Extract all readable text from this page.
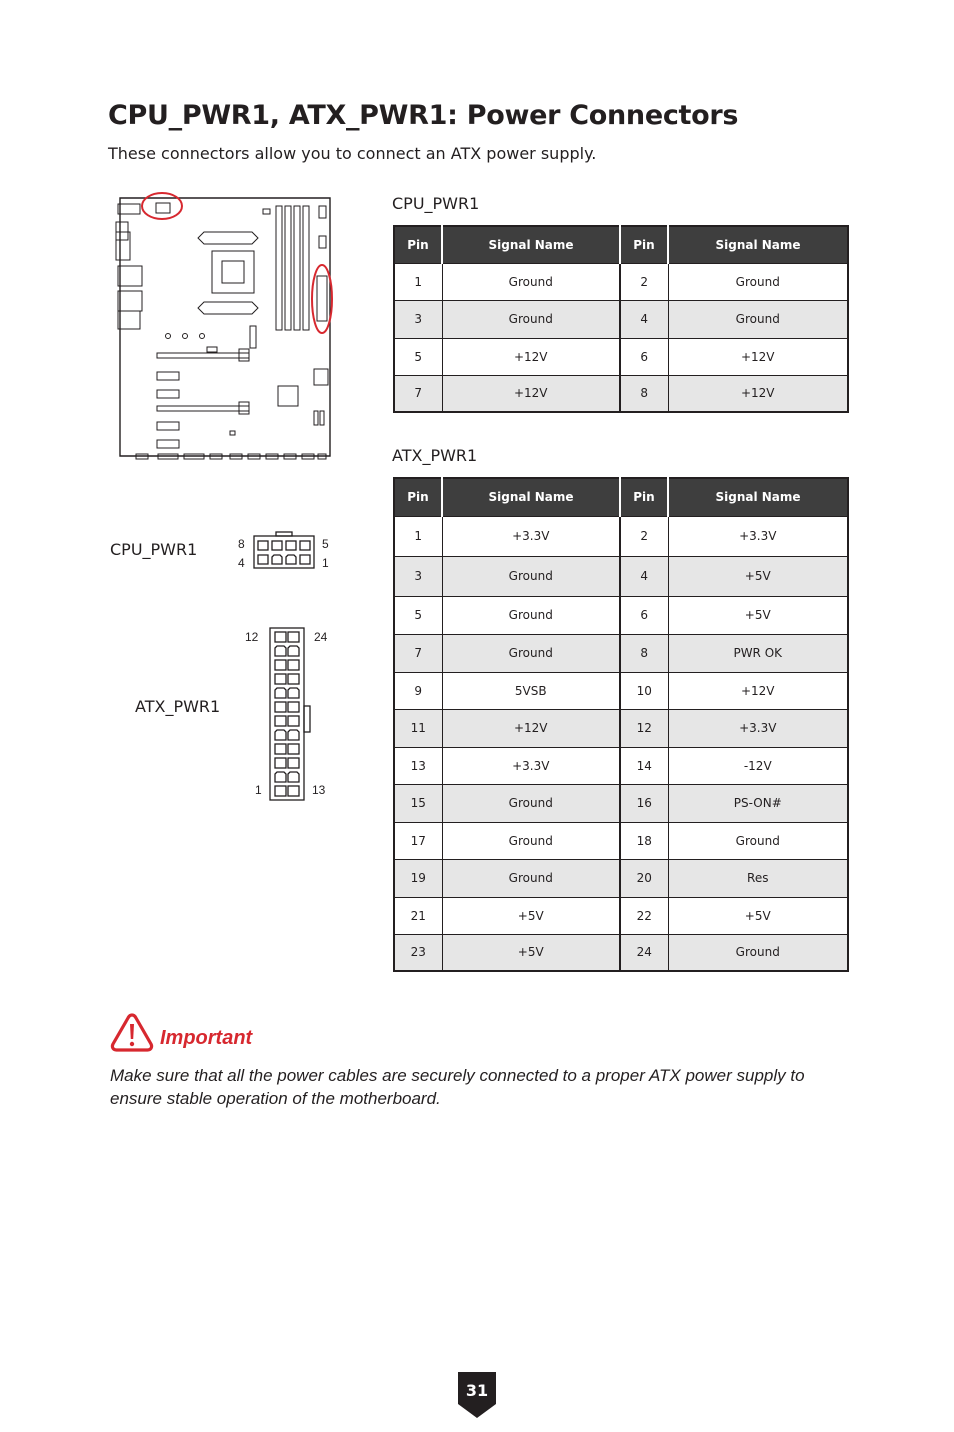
CPU_PWR1, ATX_PWR1: Power Connectors

These connectors allow you to connect an ATX power supply.

CPU_PWR1	8
4
5
1

ATX_PWR1

12	24
1	13

CPU_PWR1

Pin	Signal Name	Pin	Signal Name
1	Ground	2	Ground
3	Ground	4	Ground
5	+12V	6	+12V
7	+12V	8	+12V

ATX_PWR1

Pin	Signal Name	Pin	Signal Name
1	+3.3V	2	+3.3V
3	Ground	4	+5V
5	Ground	6	+5V
7	Ground	8	PWR OK
9	5VSB	10	+12V
11	+12V	12	+3.3V
13	+3.3V	14	-12V
15	Ground	16	PS-ON#
17	Ground	18	Ground
19	Ground	20	Res
21	+5V	22	+5V
23	+5V	24	Ground

Important

Make sure that all the power cables are securely connected to a proper ATX power supply to ensure stable operation of the motherboard.

31
